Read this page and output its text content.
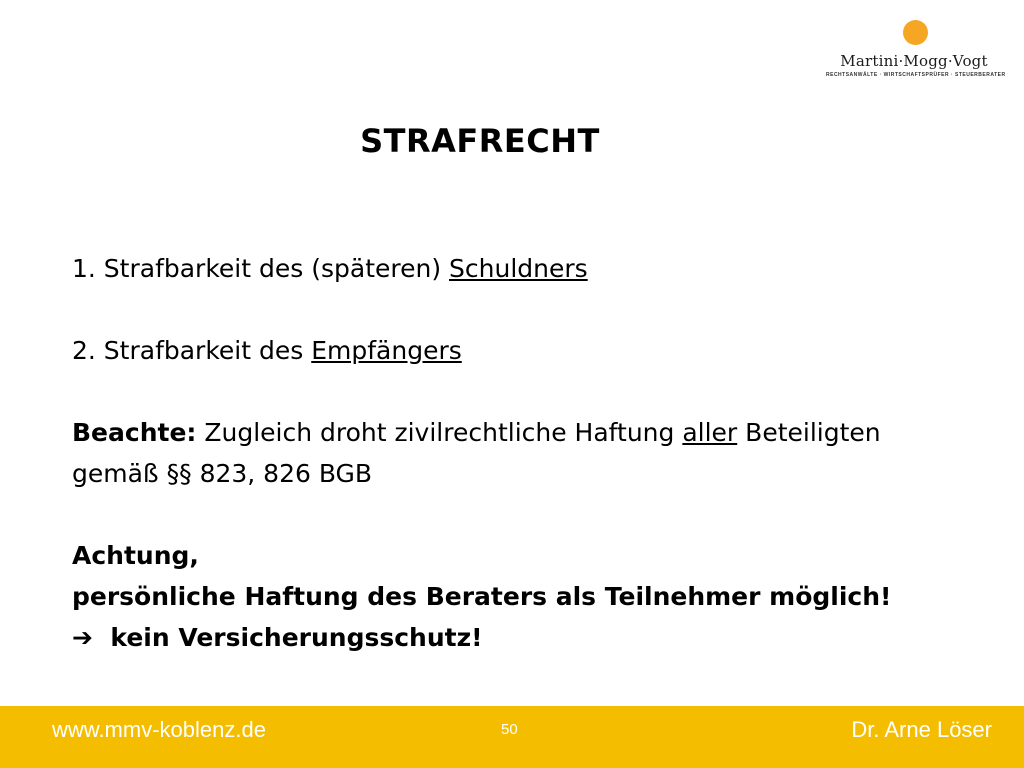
Martini·Mogg·Vogt
RECHTSANWÄLTE · WIRTSCHAFTSPRÜFER · STEUERBERATER
STRAFRECHT
1. Strafbarkeit des (späteren) Schuldners
2. Strafbarkeit des Empfängers
Beachte: Zugleich droht zivilrechtliche Haftung aller Beteiligten
gemäß §§ 823, 826 BGB
Achtung,
persönliche Haftung des Beraters als Teilnehmer möglich!
➔ kein Versicherungsschutz!
www.mmv-koblenz.de	50	Dr. Arne Löser
